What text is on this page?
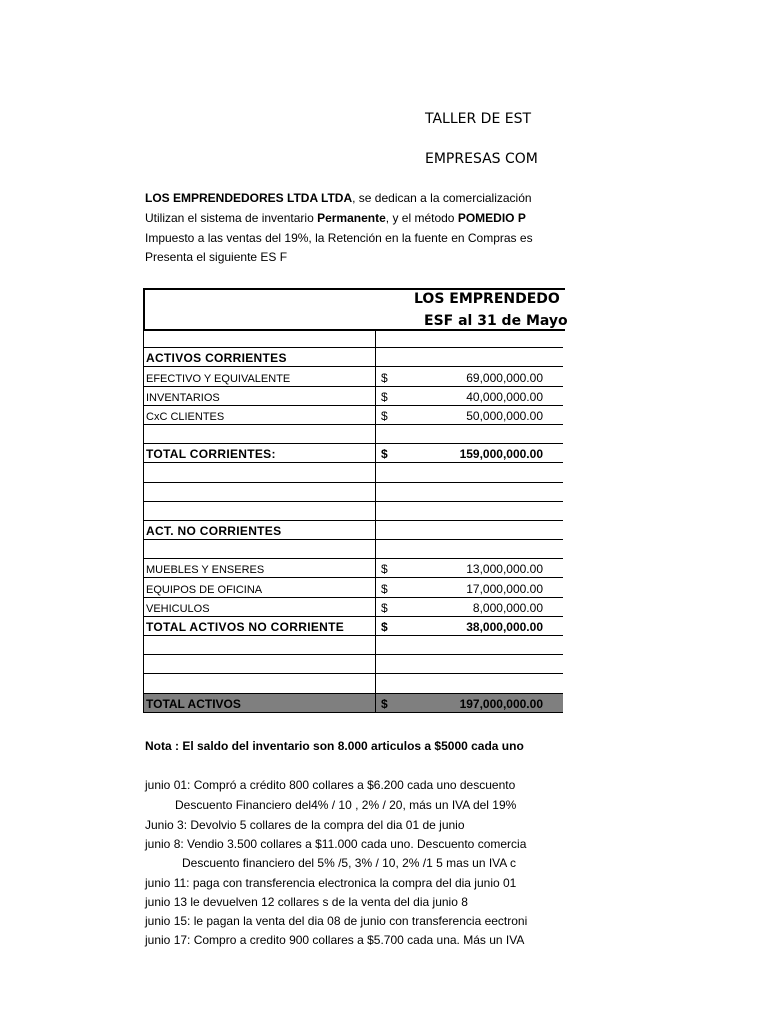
TALLER DE EST
EMPRESAS COM
LOS EMPRENDEDORES LTDA LTDA, se dedican a la comercialización
Utilizan el sistema de inventario Permanente, y el método POMEDIO P
Impuesto a las ventas del 19%, la Retención en la fuente en Compras es
Presenta el siguiente ES F
LOS EMPRENDEDO
ESF al 31 de Mayo
ACTIVOS CORRIENTES
EFECTIVO Y EQUIVALENTE	$	69,000,000.00
INVENTARIOS	$	40,000,000.00
CxC CLIENTES	$	50,000,000.00
TOTAL CORRIENTES:	$	159,000,000.00
ACT. NO CORRIENTES
MUEBLES Y ENSERES	$	13,000,000.00
EQUIPOS DE OFICINA	$	17,000,000.00
VEHICULOS	$	8,000,000.00
TOTAL ACTIVOS NO CORRIENTE	$	38,000,000.00
TOTAL ACTIVOS	$	197,000,000.00
Nota : El saldo del inventario son 8.000 articulos a $5000 cada uno
junio 01: Compró a crédito 800 collares a $6.200 cada uno descuento
Descuento Financiero del4% / 10 , 2% / 20, más un IVA del 19%
Junio 3: Devolvio 5 collares de la compra del dia 01 de junio
junio 8: Vendio 3.500 collares a $11.000 cada uno. Descuento comercia
Descuento financiero del 5% /5, 3% / 10, 2% /1 5 mas un IVA c
junio 11: paga con transferencia electronica la compra del dia junio 01
junio 13 le devuelven 12 collares s de la venta del dia junio 8
junio 15: le pagan la venta del dia 08 de junio con transferencia eectroni
junio 17: Compro a credito 900 collares a $5.700 cada una. Más un IVA
